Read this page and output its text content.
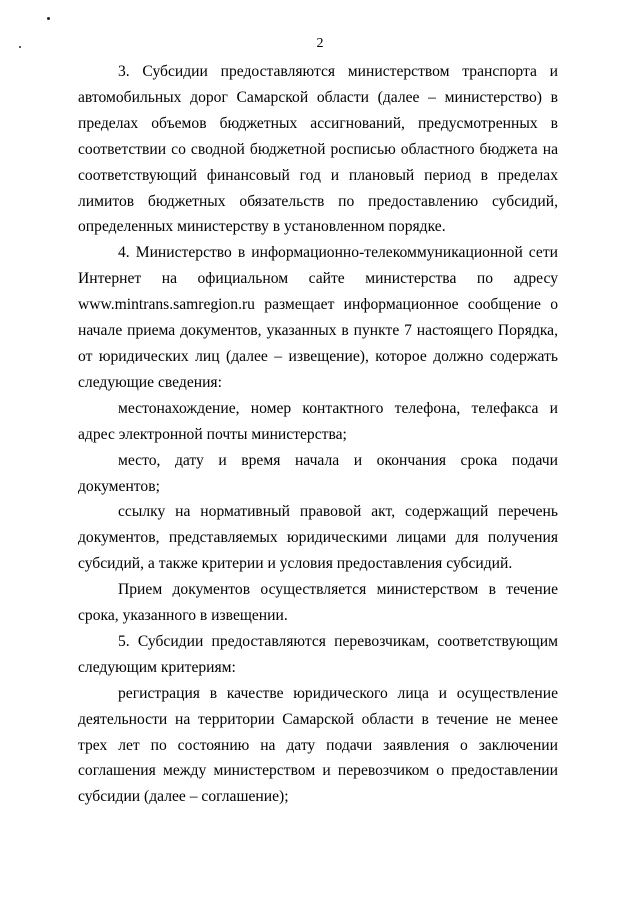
2

3. Субсидии предоставляются министерством транспорта и автомобильных дорог Самарской области (далее – министерство) в пределах объемов бюджетных ассигнований, предусмотренных в соответствии со сводной бюджетной росписью областного бюджета на соответствующий финансовый год и плановый период в пределах лимитов бюджетных обязательств по предоставлению субсидий, определенных министерству в установленном порядке.

4. Министерство в информационно-телекоммуникационной сети Интернет на официальном сайте министерства по адресу www.mintrans.samregion.ru размещает информационное сообщение о начале приема документов, указанных в пункте 7 настоящего Порядка, от юридических лиц (далее – извещение), которое должно содержать следующие сведения:

местонахождение, номер контактного телефона, телефакса и адрес электронной почты министерства;

место, дату и время начала и окончания срока подачи документов;

ссылку на нормативный правовой акт, содержащий перечень документов, представляемых юридическими лицами для получения субсидий, а также критерии и условия предоставления субсидий.

Прием документов осуществляется министерством в течение срока, указанного в извещении.

5. Субсидии предоставляются перевозчикам, соответствующим следующим критериям:

регистрация в качестве юридического лица и осуществление деятельности на территории Самарской области в течение не менее трех лет по состоянию на дату подачи заявления о заключении соглашения между министерством и перевозчиком о предоставлении субсидии (далее – соглашение);
